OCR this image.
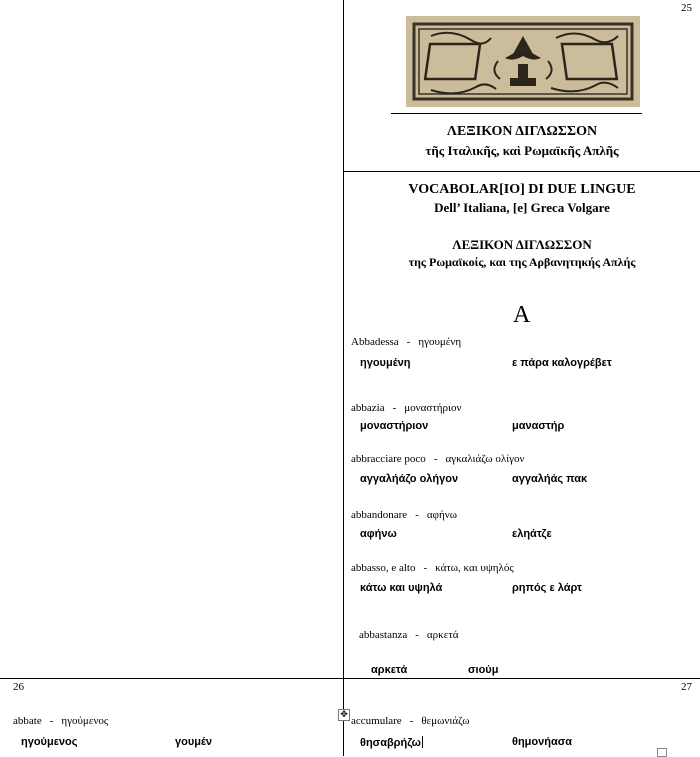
25
26	27
ΛΕΞΙΚΟΝ ΔΙΓΛΩΣΣΟΝ
τῆς Ιταλικῆς, καὶ Ρωμαϊκῆς Απλῆς
VOCABOLAR[IO] DI DUE LINGUE
Dell’ Italiana, [e] Greca Volgare
ΛΕΞΙΚΟΝ ΔΙΓΛΩΣΣΟΝ
της Ρωμαϊκοίς, και της Αρβανητηκής Απλής
A
Abbadessa - ηγουμένη
ηγουμένη	ε πάρα καλογρέβετ
abbazia - μοναστήριον
μοναστήριον	μαναστήρ
abbracciare poco - αγκαλιάζω ολίγον
αγγαλήάζο ολήγον	αγγαλήάς πακ
abbandonare - αφήνω
αφήνω	εληάτζε
abbasso, e alto - κάτω, και υψηλός
κάτω και υψηλά	ρηπός ε λάρτ
abbastanza - αρκετά
αρκετά	σιούμ
abbate - ηγούμενος
ηγούμενος	γουμέν
✥ accumulare - θεμωνιάζω
θησαβρήζω	θημονήασα
